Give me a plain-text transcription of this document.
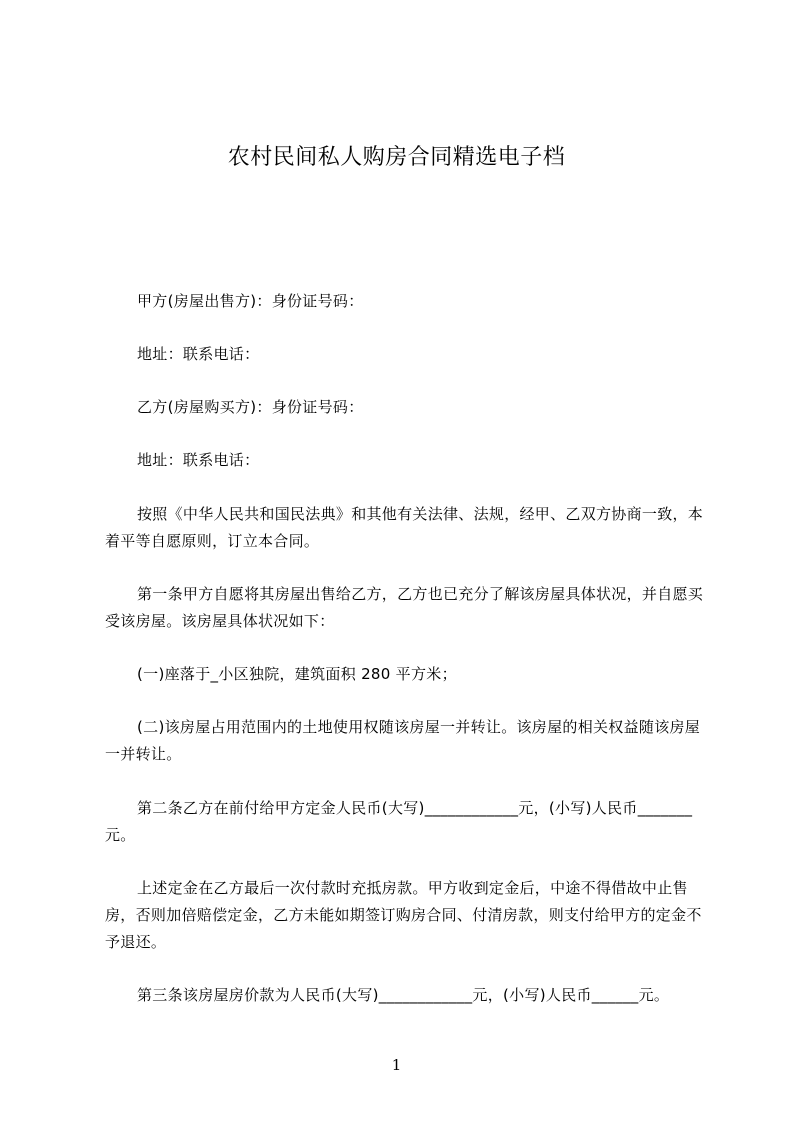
农村民间私人购房合同精选电子档
甲方(房屋出售方)：身份证号码：
地址：联系电话：
乙方(房屋购买方)：身份证号码：
地址：联系电话：
按照《中华人民共和国民法典》和其他有关法律、法规，经甲、乙双方协商一致，本着平等自愿原则，订立本合同。
第一条甲方自愿将其房屋出售给乙方，乙方也已充分了解该房屋具体状况，并自愿买受该房屋。该房屋具体状况如下：
(一)座落于_小区独院，建筑面积 280 平方米；
(二)该房屋占用范围内的土地使用权随该房屋一并转让。该房屋的相关权益随该房屋一并转让。
第二条乙方在前付给甲方定金人民币(大写)____________元，(小写)人民币_______元。
上述定金在乙方最后一次付款时充抵房款。甲方收到定金后，中途不得借故中止售房，否则加倍赔偿定金，乙方未能如期签订购房合同、付清房款，则支付给甲方的定金不予退还。
第三条该房屋房价款为人民币(大写)____________元，(小写)人民币______元。
1
